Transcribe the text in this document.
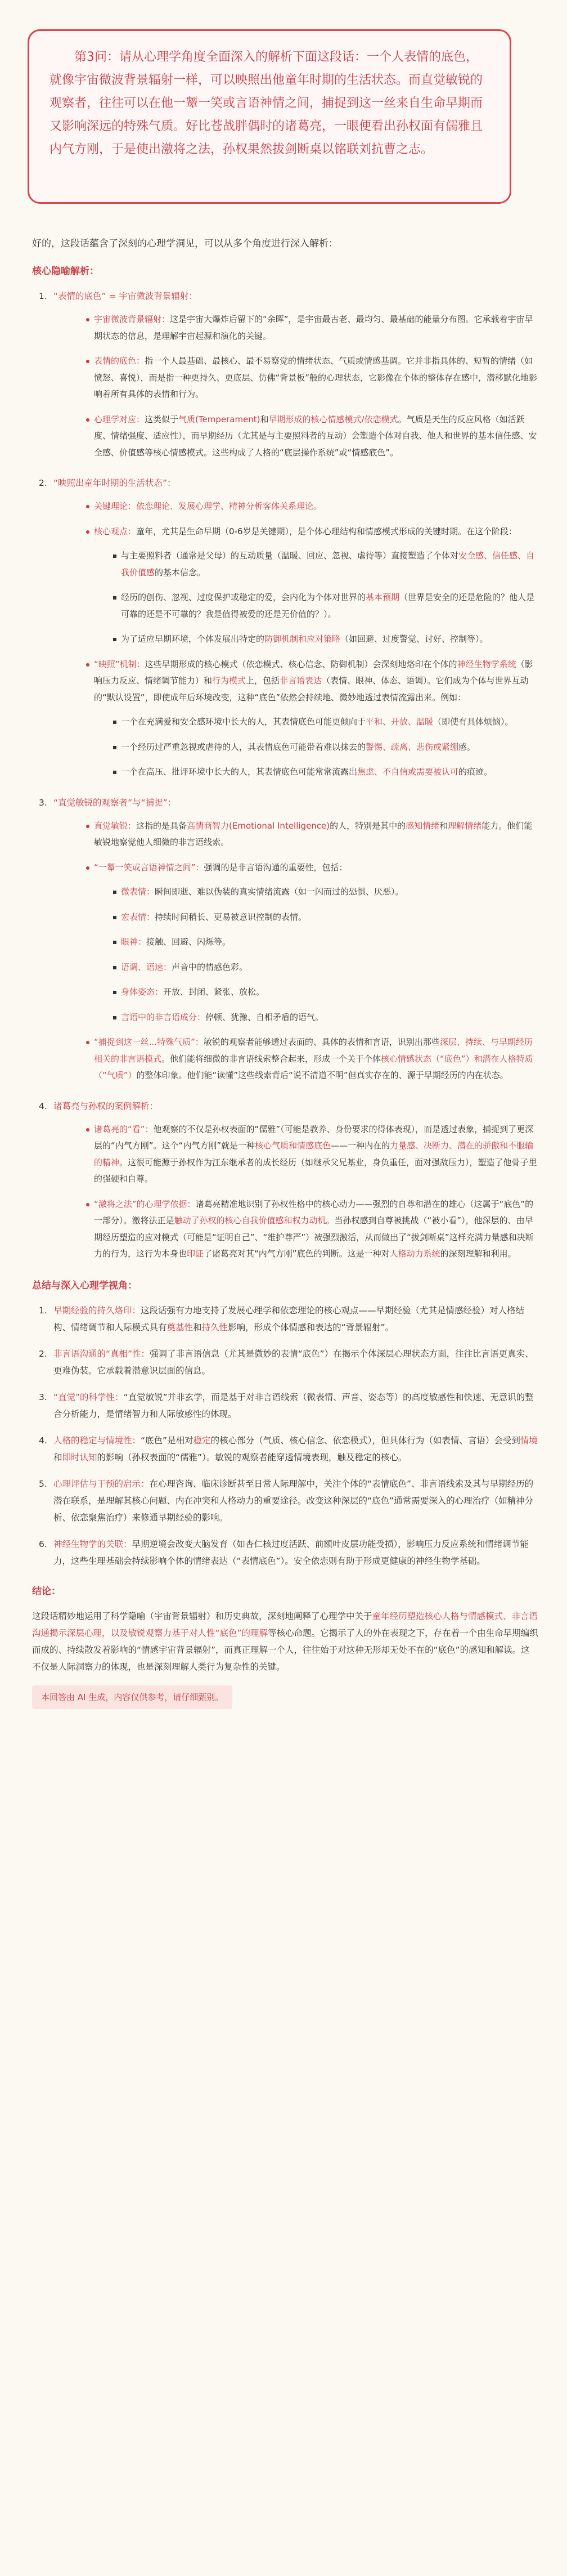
第3问：请从心理学角度全面深入的解析下面这段话：一个人表情的底色，就像宇宙微波背景辐射一样，可以映照出他童年时期的生活状态。而直觉敏锐的观察者，往往可以在他一颦一笑或言语神情之间，捕捉到这一丝来自生命早期而又影响深远的特殊气质。好比苍战胖偶时的诸葛亮，一眼便看出孙权面有儒雅且内气方刚，于是使出激将之法，孙权果然拔剑断桌以铭联刘抗曹之志。

好的，这段话蕴含了深刻的心理学洞见，可以从多个角度进行深入解析：

核心隐喻解析：

1. “表情的底色” = 宇宙微波背景辐射：
宇宙微波背景辐射：这是宇宙大爆炸后留下的“余晖”，是宇宙最古老、最均匀、最基础的能量分布图。它承载着宇宙早期状态的信息，是理解宇宙起源和演化的关键。
表情的底色：指一个人最基础、最核心、最不易察觉的情绪状态、气质或情感基调。它并非指具体的、短暂的情绪（如愤怒、喜悦），而是指一种更持久、更底层、仿佛“背景板”般的心理状态，它影像在个体的整体存在感中，潜移默化地影响着所有具体的表情和行为。
心理学对应：这类似于气质(Temperament)和早期形成的核心情感模式/依恋模式。气质是天生的反应风格（如活跃度、情绪强度、适应性），而早期经历（尤其是与主要照料者的互动）会塑造个体对自我、他人和世界的基本信任感、安全感、价值感等核心情感模式。这些构成了人格的“底层操作系统”或“情感底色”。
2. “映照出童年时期的生活状态”：
关键理论：依恋理论、发展心理学、精神分析客体关系理论。
核心观点：童年，尤其是生命早期（0-6岁是关键期），是个体心理结构和情感模式形成的关键时期。在这个阶段：
与主要照料者（通常是父母）的互动质量（温暖、回应、忽视、虐待等）直接塑造了个体对安全感、信任感、自我价值感的基本信念。
经历的创伤、忽视、过度保护或稳定的爱，会内化为个体对世界的基本预期（世界是安全的还是危险的？他人是可靠的还是不可靠的？我是值得被爱的还是无价值的？）。
为了适应早期环境，个体发展出特定的防御机制和应对策略（如回避、过度警觉、讨好、控制等）。
“映照”机制：这些早期形成的核心模式（依恋模式、核心信念、防御机制）会深刻地烙印在个体的神经生物学系统（影响压力反应、情绪调节能力）和行为模式上，包括非言语表达（表情、眼神、体态、语调）。它们成为个体与世界互动的“默认设置”，即使成年后环境改变，这种“底色”依然会持续地、微妙地透过表情流露出来。例如：
一个在充满爱和安全感环境中长大的人，其表情底色可能更倾向于平和、开放、温暖（即使有具体烦恼）。
一个经历过严重忽视或虐待的人，其表情底色可能带着难以抹去的警惕、疏离、悲伤或紧绷感。
一个在高压、批评环境中长大的人，其表情底色可能常常流露出焦虑、不自信或需要被认可的痕迹。
3. “直觉敏锐的观察者”与“捕捉”：
直觉敏锐：这指的是具备高情商智力(Emotional Intelligence)的人，特别是其中的感知情绪和理解情绪能力。他们能敏锐地察觉他人细微的非言语线索。
“一颦一笑或言语神情之间”：强调的是非言语沟通的重要性，包括：
微表情：瞬间即逝、难以伪装的真实情绪流露（如一闪而过的恐惧、厌恶）。
宏表情：持续时间稍长、更易被意识控制的表情。
眼神：接触、回避、闪烁等。
语调、语速：声音中的情感色彩。
身体姿态：开放、封闭、紧张、放松。
言语中的非言语成分：停顿、犹豫、自相矛盾的语气。
“捕捉到这一丝...特殊气质”：敏锐的观察者能够透过表面的、具体的表情和言语，识别出那些深层、持续、与早期经历相关的非言语模式。他们能将细微的非言语线索整合起来，形成一个关于个体核心情感状态（“底色”）和潜在人格特质（“气质”）的整体印象。他们能“读懂”这些线索背后“说不清道不明”但真实存在的、源于早期经历的内在状态。
4. 诸葛亮与孙权的案例解析：
诸葛亮的“看”：他观察的不仅是孙权表面的“儒雅”（可能是教养、身份要求的得体表现），而是透过表象，捕捉到了更深层的“内气方刚”。这个“内气方刚”就是一种核心气质和情感底色——一种内在的力量感、决断力、潜在的骄傲和不服输的精神。这很可能源于孙权作为江东继承者的成长经历（如继承父兄基业，身负重任，面对强敌压力），塑造了他骨子里的强硬和自尊。
“激将之法”的心理学依据：诸葛亮精准地识别了孙权性格中的核心动力——强烈的自尊和潜在的雄心（这属于“底色”的一部分）。激将法正是触动了孙权的核心自我价值感和权力动机。当孙权感到自尊被挑战（“被小看”），他深层的、由早期经历塑造的应对模式（可能是“证明自己”、“维护尊严”）被强烈激活，从而做出了“拔剑断桌”这样充满力量感和决断力的行为，这行为本身也印证了诸葛亮对其“内气方刚”底色的判断。这是一种对人格动力系统的深刻理解和利用。

总结与深入心理学视角：

1. 早期经验的持久烙印：这段话强有力地支持了发展心理学和依恋理论的核心观点——早期经验（尤其是情感经验）对人格结构、情绪调节和人际模式具有奠基性和持久性影响，形成个体情感和表达的“背景辐射”。
2. 非言语沟通的“真相”性：强调了非言语信息（尤其是微妙的表情“底色”）在揭示个体深层心理状态方面，往往比言语更真实、更难伪装。它承载着潜意识层面的信息。
3. “直觉”的科学性：“直觉敏锐”并非玄学，而是基于对非言语线索（微表情、声音、姿态等）的高度敏感性和快速、无意识的整合分析能力，是情绪智力和人际敏感性的体现。
4. 人格的稳定与情境性：“底色”是相对稳定的核心部分（气质、核心信念、依恋模式），但具体行为（如表情、言语）会受到情境和即时认知的影响（孙权表面的“儒雅”）。敏锐的观察者能穿透情境表现，触及稳定的核心。
5. 心理评估与干预的启示：在心理咨询、临床诊断甚至日常人际理解中，关注个体的“表情底色”、非言语线索及其与早期经历的潜在联系，是理解其核心问题、内在冲突和人格动力的重要途径。改变这种深层的“底色”通常需要深入的心理治疗（如精神分析、依恋聚焦治疗）来修通早期经验的影响。
6. 神经生物学的关联：早期逆境会改变大脑发育（如杏仁核过度活跃、前额叶皮层功能受损），影响压力反应系统和情绪调节能力，这些生理基础会持续影响个体的情绪表达（“表情底色”）。安全依恋则有助于形成更健康的神经生物学基础。

结论：

这段话精妙地运用了科学隐喻（宇宙背景辐射）和历史典故，深刻地阐释了心理学中关于童年经历塑造核心人格与情感模式、非言语沟通揭示深层心理，以及敏锐观察力基于对人性“底色”的理解等核心命题。它揭示了人的外在表现之下，存在着一个由生命早期编织而成的、持续散发着影响的“情感宇宙背景辐射”，而真正理解一个人，往往始于对这种无形却无处不在的“底色”的感知和解读。这不仅是人际洞察力的体现，也是深刻理解人类行为复杂性的关键。

本回答由 AI 生成，内容仅供参考，请仔细甄别。
